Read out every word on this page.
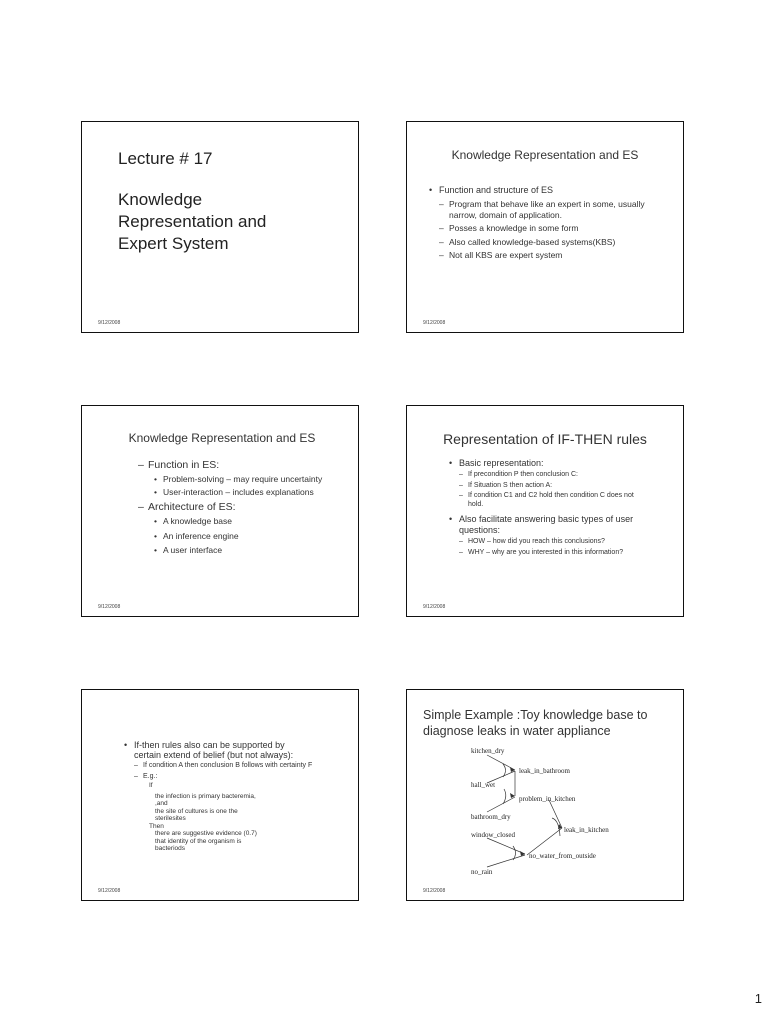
Lecture # 17
Knowledge
Representation and
Expert System
9/12/2008
Knowledge Representation and ES
• Function and structure of ES
– Program that behave like an expert in some, usually narrow, domain of application.
– Posses a knowledge in some form
– Also called knowledge-based systems(KBS)
– Not all KBS are expert system
9/12/2008
Knowledge Representation and ES
– Function in ES:
• Problem-solving – may require uncertainty
• User-interaction – includes explanations
– Architecture of ES:
• A knowledge base
• An inference engine
• A user interface
9/12/2008
Representation of IF-THEN rules
• Basic representation:
– If precondition P then conclusion C:
– If Situation S then action A:
– If condition C1 and C2 hold then condition C does not hold.
• Also facilitate answering basic types of user questions:
– HOW – how did you reach this conclusions?
– WHY – why are you interested in this information?
9/12/2008
• If-then rules also can be supported by certain extend of belief (but not always):
– If condition A then conclusion B follows with certainty F
– E.g.:
If
the infection is primary bacteremia,
,and
the site of cultures is one the
sterilesites
Then
there are suggestive evidence (0.7)
that identity of the organism is
bacteriods
9/12/2008
Simple Example :Toy knowledge base to diagnose leaks in water appliance
kitchen_dry
leak_in_bathroom
hall_wet
problem_in_kitchen
bathroom_dry
leak_in_kitchen
window_closed
no_water_from_outside
no_rain
9/12/2008
1
